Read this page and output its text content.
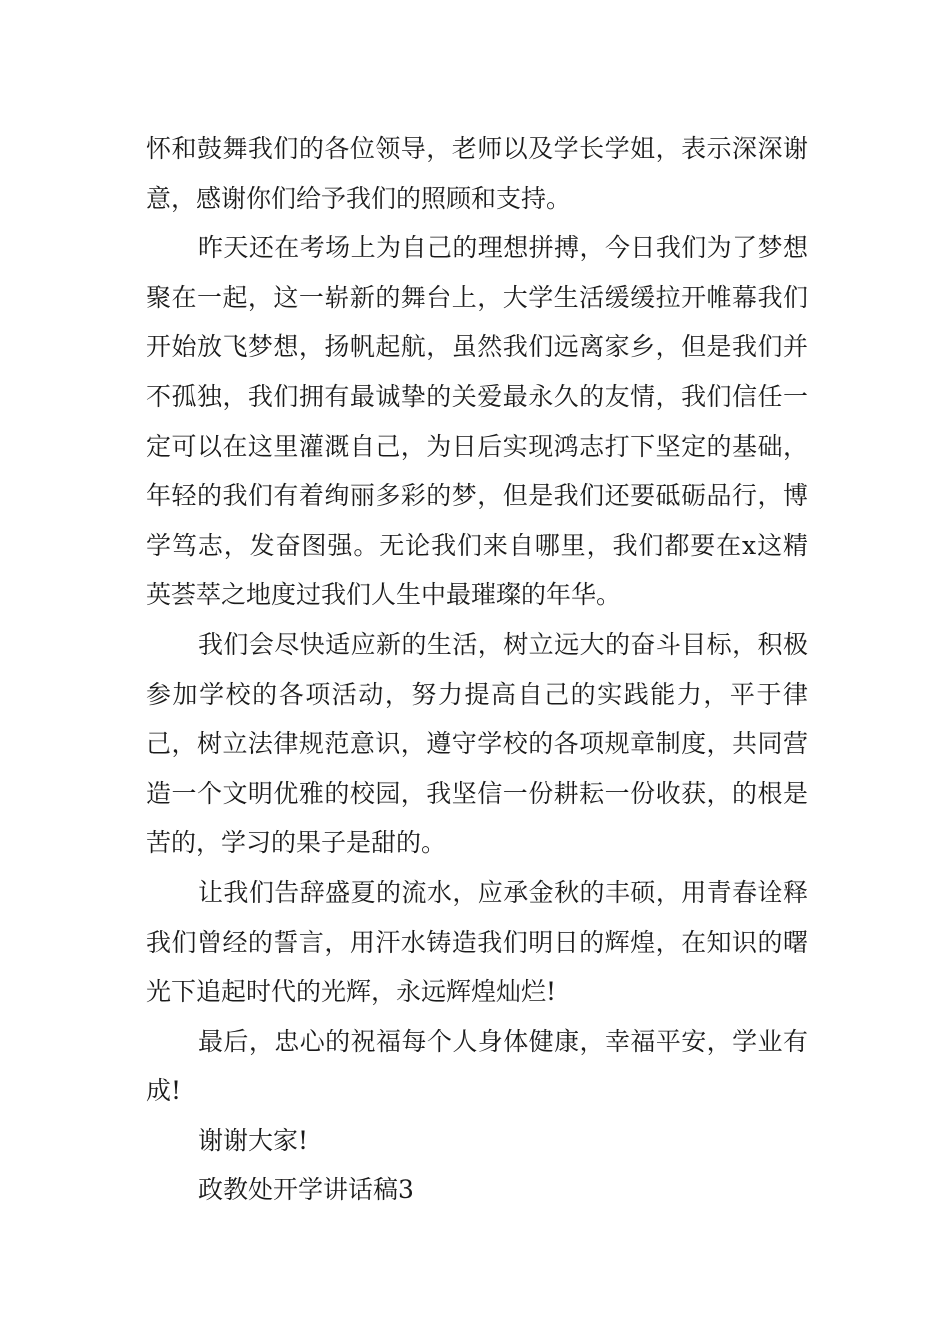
怀和鼓舞我们的各位领导，老师以及学长学姐，表示深深谢意，感谢你们给予我们的照顾和支持。

昨天还在考场上为自己的理想拼搏，今日我们为了梦想聚在一起，这一崭新的舞台上，大学生活缓缓拉开帷幕我们开始放飞梦想，扬帆起航，虽然我们远离家乡，但是我们并不孤独，我们拥有最诚挚的关爱最永久的友情，我们信任一定可以在这里灌溉自己，为日后实现鸿志打下坚定的基础，年轻的我们有着绚丽多彩的梦，但是我们还要砥砺品行，博学笃志，发奋图强。无论我们来自哪里，我们都要在x这精英荟萃之地度过我们人生中最璀璨的年华。

我们会尽快适应新的生活，树立远大的奋斗目标，积极参加学校的各项活动，努力提高自己的实践能力，平于律己，树立法律规范意识，遵守学校的各项规章制度，共同营造一个文明优雅的校园，我坚信一份耕耘一份收获，的根是苦的，学习的果子是甜的。

让我们告辞盛夏的流水，应承金秋的丰硕，用青春诠释我们曾经的誓言，用汗水铸造我们明日的辉煌，在知识的曙光下追起时代的光辉，永远辉煌灿烂!

最后，忠心的祝福每个人身体健康，幸福平安，学业有成!

谢谢大家!

政教处开学讲话稿3
